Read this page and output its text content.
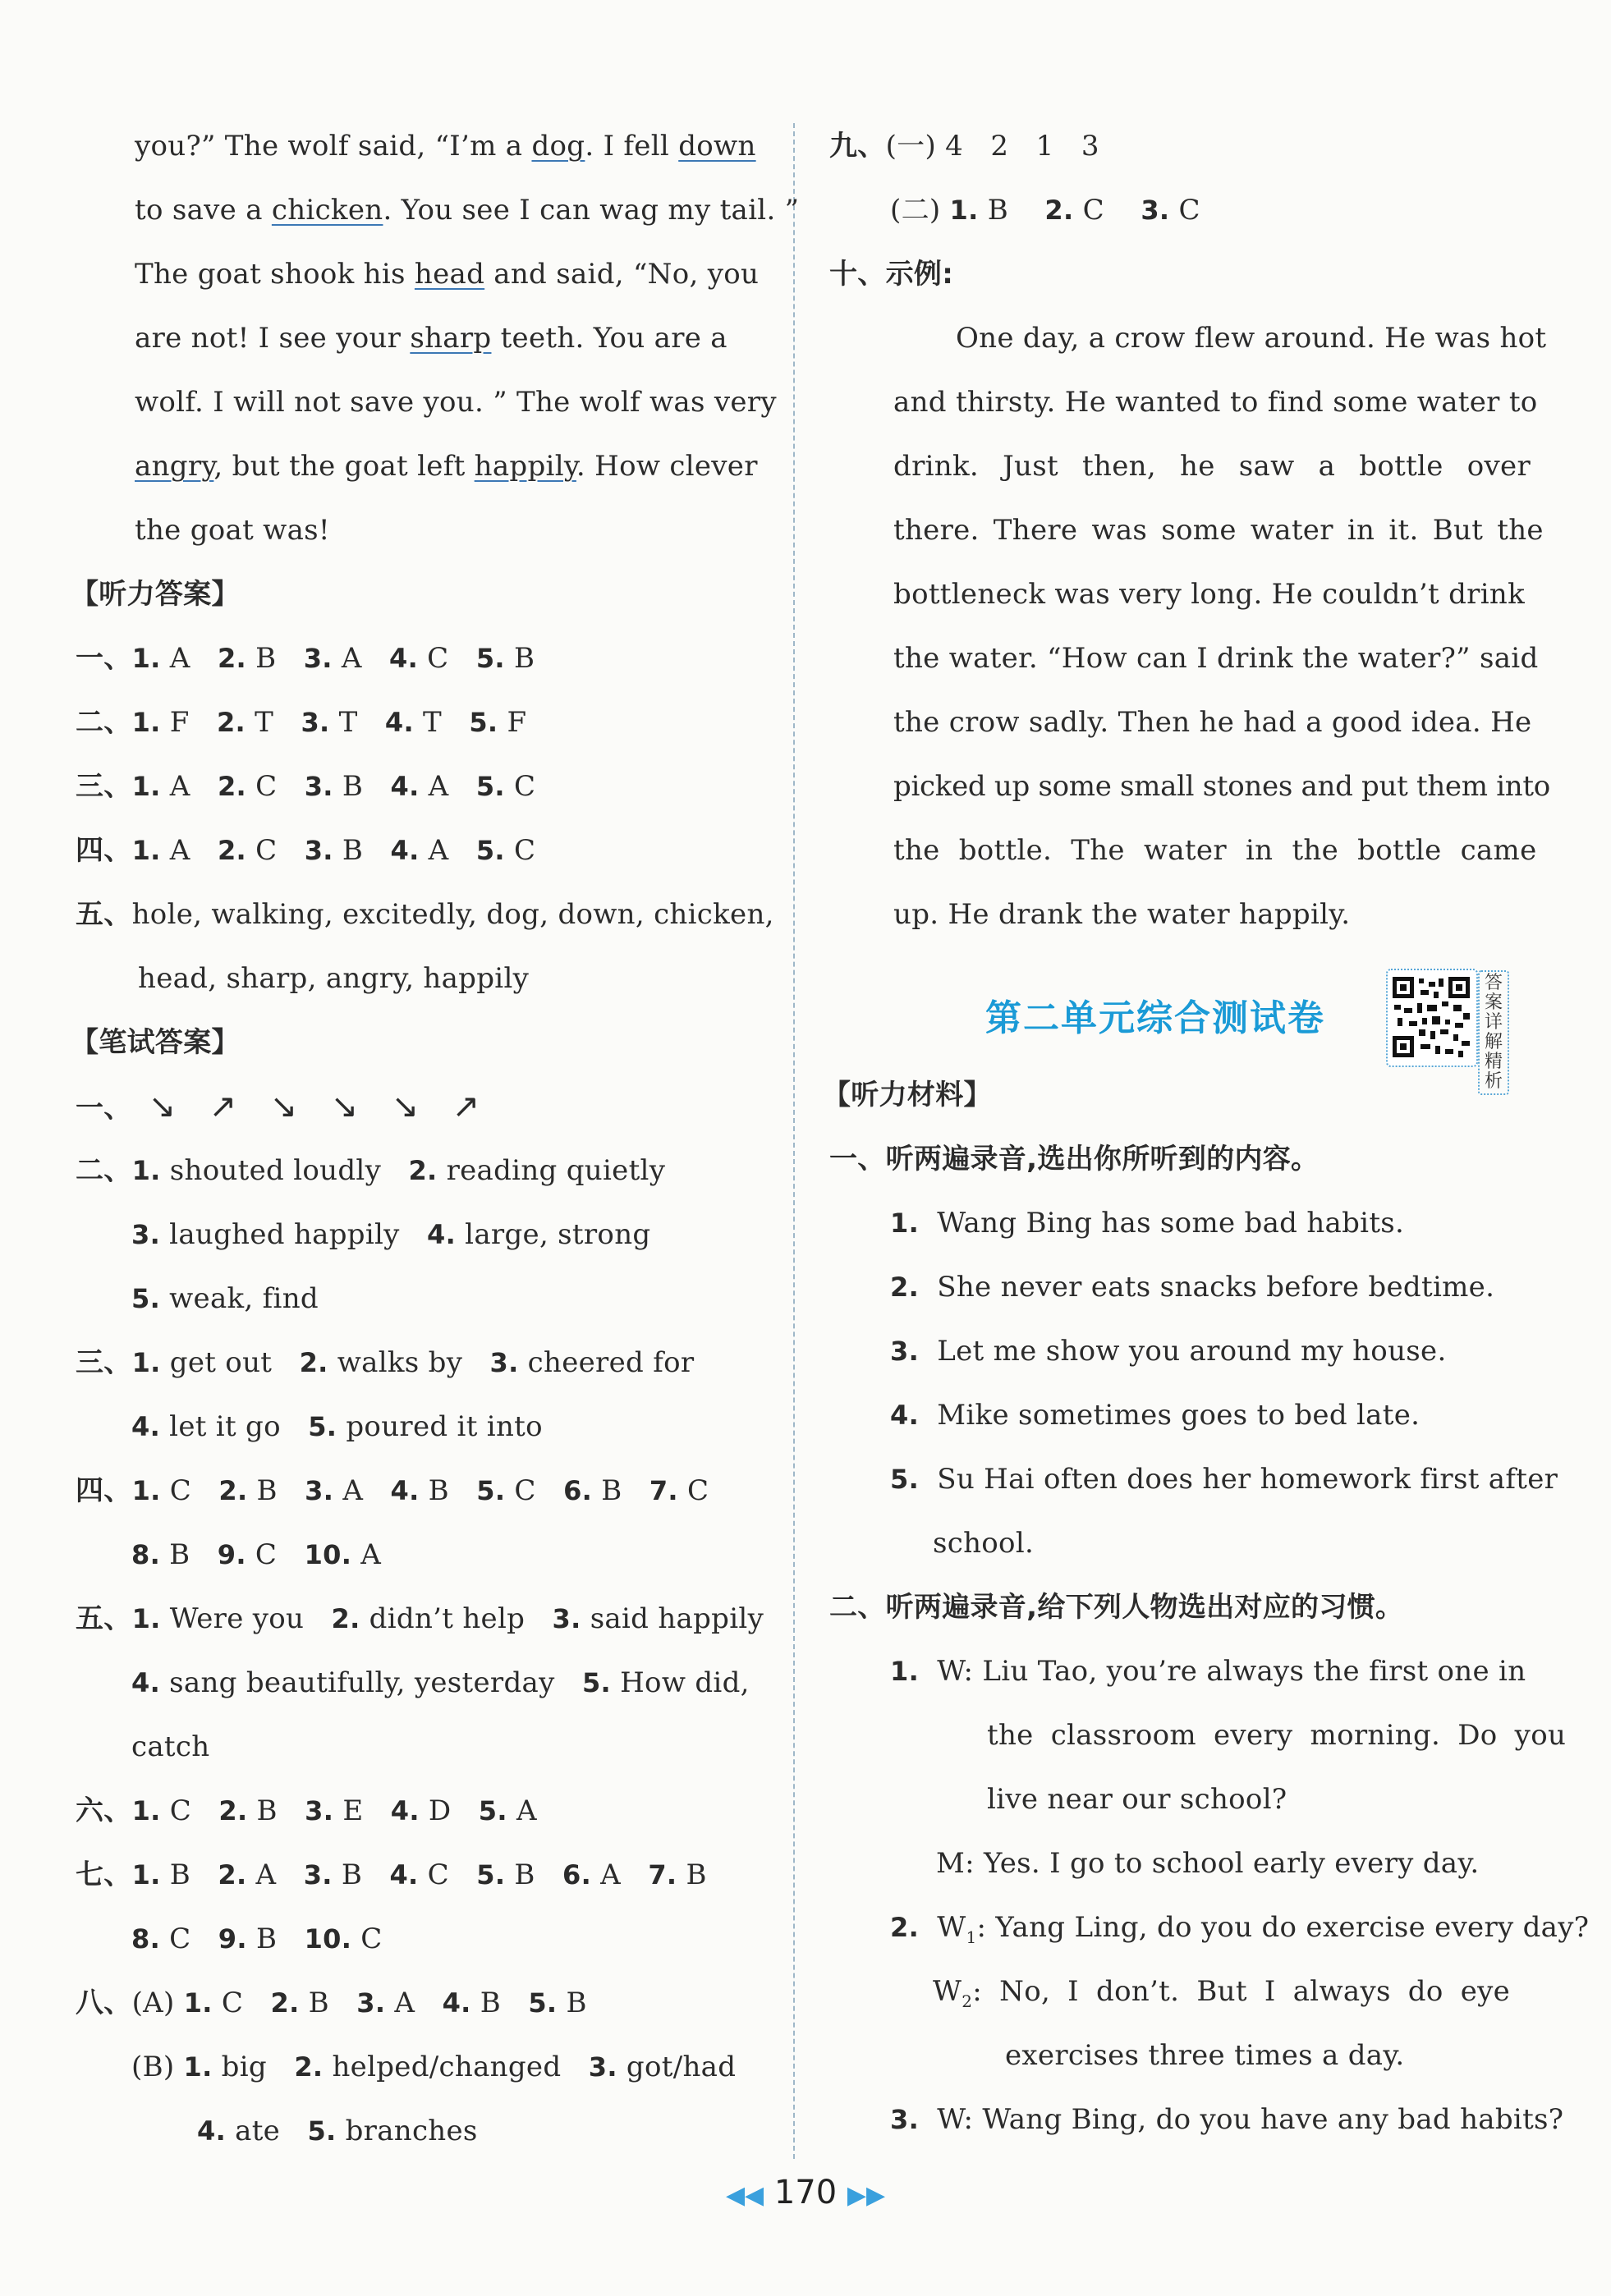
you?” The wolf said, “I’m a dog. I fell down
to save a chicken. You see I can wag my tail. ”
The goat shook his head and said, “No, you
are not! I see your sharp teeth. You are a
wolf. I will not save you. ” The wolf was very
angry, but the goat left happily. How clever
the goat was!
【听力答案】
一、1. A 2. B 3. A 4. C 5. B
二、1. F 2. T 3. T 4. T 5. F
三、1. A 2. C 3. B 4. A 5. C
四、1. A 2. C 3. B 4. A 5. C
五、hole, walking, excitedly, dog, down, chicken,
head, sharp, angry, happily
【笔试答案】
一、 ↘ ↗ ↘ ↘ ↘ ↗
二、1. shouted loudly 2. reading quietly
3. laughed happily 4. large, strong
5. weak, find
三、1. get out 2. walks by 3. cheered for
4. let it go 5. poured it into
四、1. C 2. B 3. A 4. B 5. C 6. B 7. C
8. B 9. C 10. A
五、1. Were you 2. didn’t help 3. said happily
4. sang beautifully, yesterday 5. How did,
catch
六、1. C 2. B 3. E 4. D 5. A
七、1. B 2. A 3. B 4. C 5. B 6. A 7. B
8. C 9. B 10. C
八、(A) 1. C 2. B 3. A 4. B 5. B
(B) 1. big 2. helped/changed 3. got/had
4. ate 5. branches
九、(一) 4   2   1   3
(二) 1. B 2. C 3. C
十、示例:
One day, a crow flew around. He was hot
and thirsty. He wanted to find some water to
drink. Just then, he saw a bottle over
there. There was some water in it. But the
bottleneck was very long. He couldn’t drink
the water. “How can I drink the water?” said
the crow sadly. Then he had a good idea. He
picked up some small stones and put them into
the bottle. The water in the bottle came
up. He drank the water happily.
第二单元综合测试卷
答案详解精析
【听力材料】
一、听两遍录音,选出你所听到的内容。
1. Wang Bing has some bad habits.
2. She never eats snacks before bedtime.
3. Let me show you around my house.
4. Mike sometimes goes to bed late.
5. Su Hai often does her homework first after
school.
二、听两遍录音,给下列人物选出对应的习惯。
1. W: Liu Tao, you’re always the first one in
the classroom every morning. Do you
live near our school?
M: Yes. I go to school early every day.
2. $W_1$: Yang Ling, do you do exercise every day?
$W_2$: No, I don’t. But I always do eye
exercises three times a day.
3. W: Wang Bing, do you have any bad habits?
◀◀ 170 ▶▶
